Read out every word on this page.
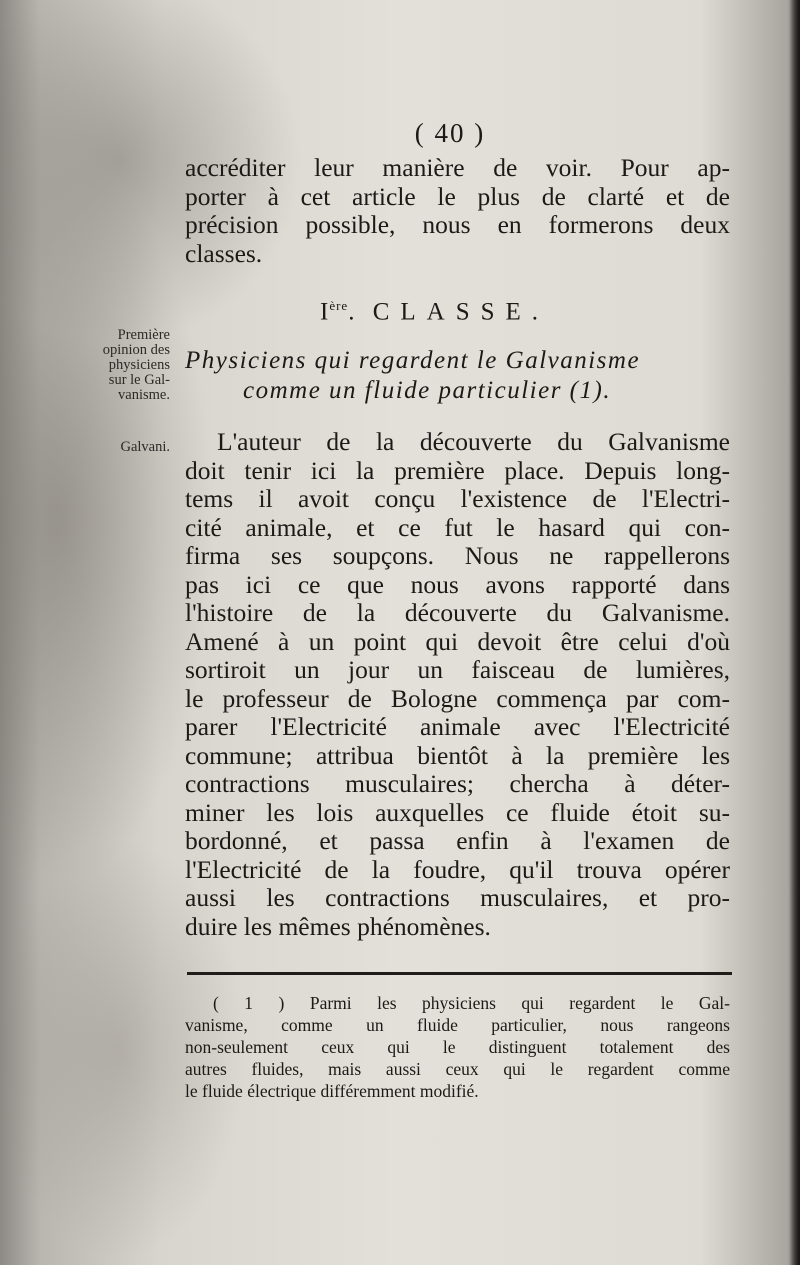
( 40 )
accréditer leur manière de voir. Pour ap-
porter à cet article le plus de clarté et de
précision possible, nous en formerons deux
classes.
Ière. CLASSE.
Première
opinion des
physiciens
sur le Gal-
vanisme.
Physiciens qui regardent le Galvanisme
comme un fluide particulier (1).
Galvani.	L'auteur de la découverte du Galvanisme
doit tenir ici la première place. Depuis long-
tems il avoit conçu l'existence de l'Electri-
cité animale, et ce fut le hasard qui con-
firma ses soupçons. Nous ne rappellerons
pas ici ce que nous avons rapporté dans
l'histoire de la découverte du Galvanisme.
Amené à un point qui devoit être celui d'où
sortiroit un jour un faisceau de lumières,
le professeur de Bologne commença par com-
parer l'Electricité animale avec l'Electricité
commune; attribua bientôt à la première les
contractions musculaires; chercha à déter-
miner les lois auxquelles ce fluide étoit su-
bordonné, et passa enfin à l'examen de
l'Electricité de la foudre, qu'il trouva opérer
aussi les contractions musculaires, et pro-
duire les mêmes phénomènes.
( 1 ) Parmi les physiciens qui regardent le Gal-
vanisme, comme un fluide particulier, nous rangeons
non-seulement ceux qui le distinguent totalement des
autres fluides, mais aussi ceux qui le regardent comme
le fluide électrique différemment modifié.
